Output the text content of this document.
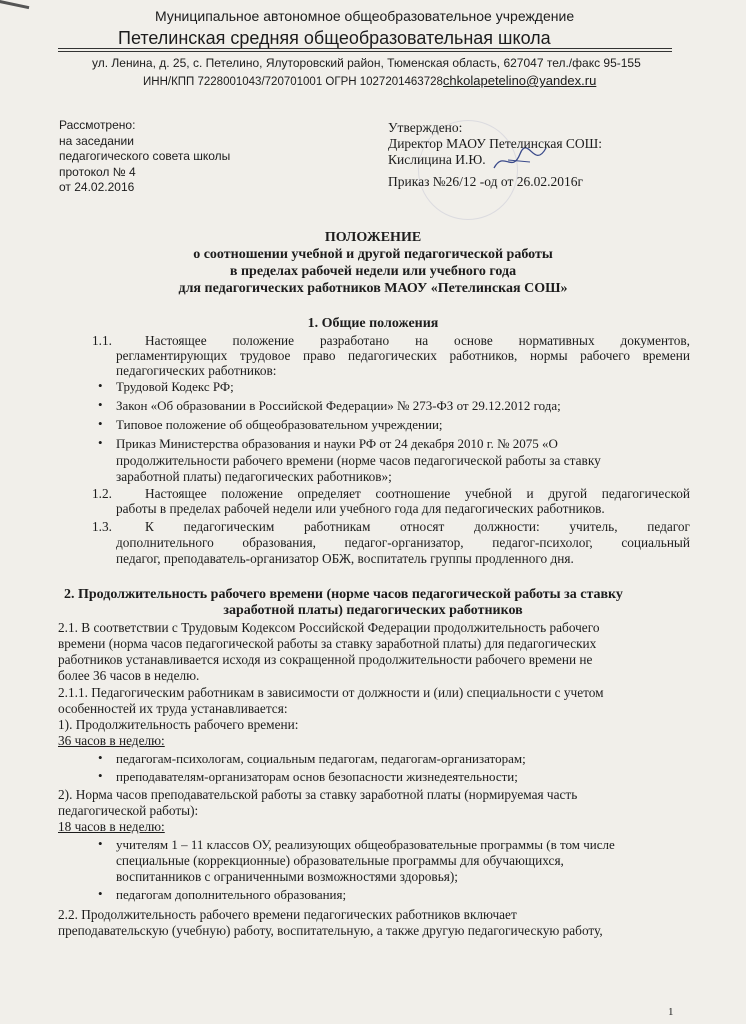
Муниципальное автономное общеобразовательное учреждение
Петелинская средняя общеобразовательная школа
ул. Ленина, д. 25, с. Петелино, Ялуторовский район, Тюменская область, 627047 тел./факс 95-155
ИНН/КПП 7228001043/720701001 ОГРН 1027201463728chkolapetelino@yandex.ru
Рассмотрено:
на заседании
педагогического совета школы
протокол № 4
от 24.02.2016
Утверждено:
Директор МАОУ Петелинская СОШ:
Кислицина И.Ю.
Приказ №26/12 -од от 26.02.2016г
ПОЛОЖЕНИЕ
о соотношении учебной и другой педагогической работы
в пределах рабочей недели или учебного года
для педагогических работников МАОУ «Петелинская СОШ»
1. Общие положения
1.1. Настоящее положение разработано на основе нормативных документов,
регламентирующих трудовое право педагогических работников, нормы рабочего времени
педагогических работников:
• Трудовой Кодекс РФ;
• Закон «Об образовании в Российской Федерации» № 273-ФЗ от 29.12.2012 года;
• Типовое положение об общеобразовательном учреждении;
• Приказ Министерства образования и науки РФ от 24 декабря 2010 г. № 2075 «О
продолжительности рабочего времени (норме часов педагогической работы за ставку
заработной платы) педагогических работников»;
1.2. Настоящее положение определяет соотношение учебной и другой педагогической
работы в пределах рабочей недели или учебного года для педагогических работников.
1.3. К педагогическим работникам относят должности: учитель, педагог
дополнительного образования, педагог-организатор, педагог-психолог, социальный
педагог, преподаватель-организатор ОБЖ, воспитатель группы продленного дня.
2. Продолжительность рабочего времени (норме часов педагогической работы за ставку
заработной платы) педагогических работников
2.1. В соответствии с Трудовым Кодексом Российской Федерации продолжительность рабочего
времени (норма часов педагогической работы за ставку заработной платы) для педагогических
работников устанавливается исходя из сокращенной продолжительности рабочего времени не
более 36 часов в неделю.
2.1.1. Педагогическим работникам в зависимости от должности и (или) специальности с учетом
особенностей их труда устанавливается:
1). Продолжительность рабочего времени:
36 часов в неделю:
• педагогам-психологам, социальным педагогам, педагогам-организаторам;
• преподавателям-организаторам основ безопасности жизнедеятельности;
2). Норма часов преподавательской работы за ставку заработной платы (нормируемая часть
педагогической работы):
18 часов в неделю:
• учителям 1 – 11 классов ОУ, реализующих общеобразовательные программы (в том числе
специальные (коррекционные) образовательные программы для обучающихся,
воспитанников с ограниченными возможностями здоровья);
• педагогам дополнительного образования;
2.2. Продолжительность рабочего времени педагогических работников включает
преподавательскую (учебную) работу, воспитательную, а также другую педагогическую работу,
1
